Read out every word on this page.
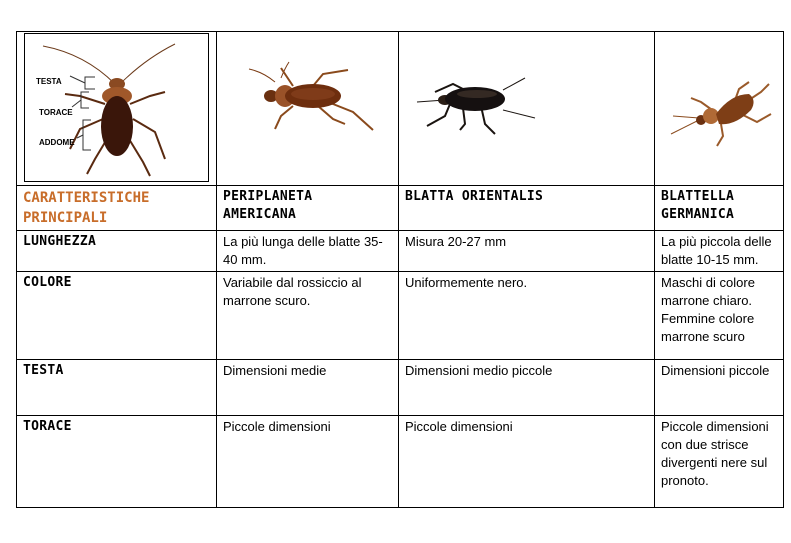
TESTA
TORACE
ADDOME

CARATTERISTICHE PRINCIPALI	PERIPLANETA AMERICANA	BLATTA ORIENTALIS	BLATTELLA GERMANICA
LUNGHEZZA	La più lunga delle blatte 35-40 mm.	Misura 20-27 mm	La più piccola delle blatte 10-15 mm.
COLORE	Variabile dal rossiccio al marrone scuro.	Uniformemente nero.	Maschi di colore marrone chiaro. Femmine colore marrone scuro
TESTA	Dimensioni medie	Dimensioni medio piccole	Dimensioni piccole
TORACE	Piccole dimensioni	Piccole dimensioni	Piccole dimensioni con due strisce divergenti nere sul pronoto.
